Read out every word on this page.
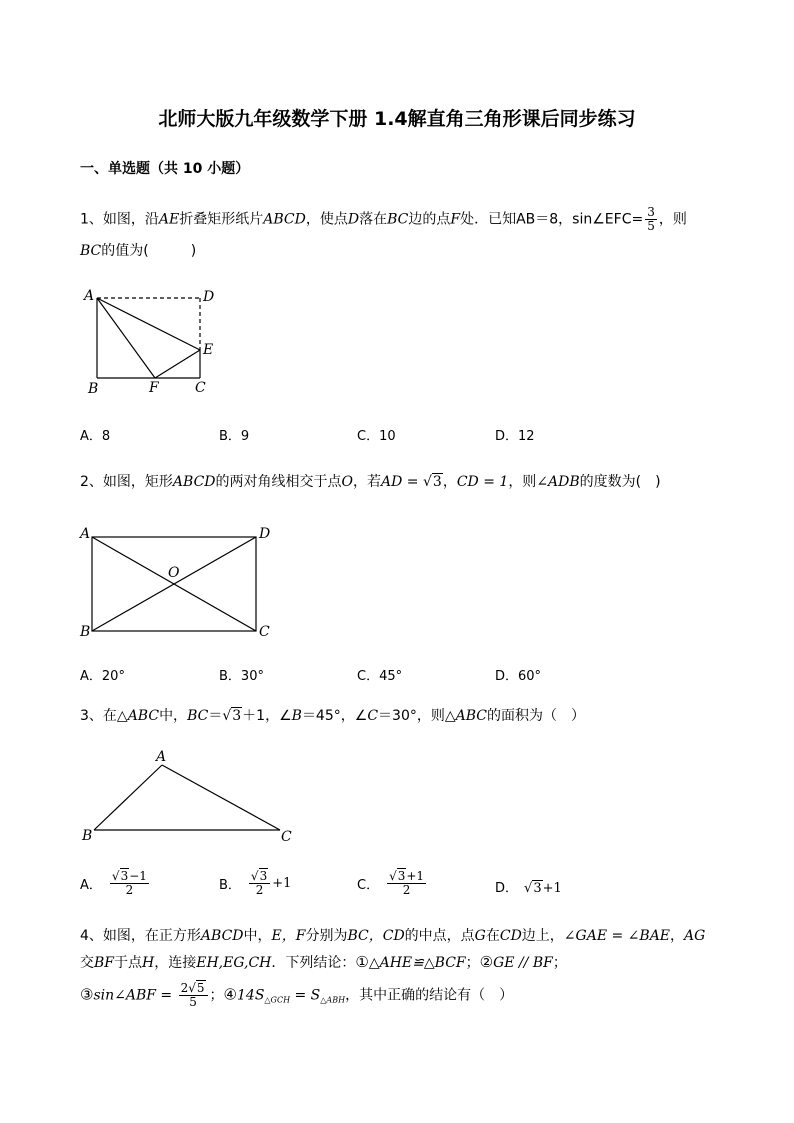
北师大版九年级数学下册 1.4解直角三角形课后同步练习
一、单选题（共 10 小题）
1、如图，沿AE折叠矩形纸片ABCD，使点D落在BC边的点F处．已知AB＝8，sin∠EFC= $\frac{3}{5}$ ，则
BC的值为(　　　)
A	D
E
B	F	C
A．8	B．9	C．10	D．12
2、如图，矩形ABCD的两对角线相交于点O，若AD = √3，CD = 1，则∠ADB的度数为(　)
A	D
O
B	C
A．20°	B．30°	C．45°	D．60°
3、在△ABC中，BC＝√3＋1，∠B＝45°，∠C＝30°，则△ABC的面积为（　）
A
B	C
A． $\frac{√3-1}{2}$	B． $\frac{√3}{2} +1$	C． $\frac{√3+1}{2}$	D． √3+1
4、如图，在正方形ABCD中，E，F分别为BC，CD的中点，点G在CD边上，∠GAE = ∠BAE，AG
交BF于点H，连接EH,EG,CH．下列结论：①△AHE≌△BCF；②GE // BF；
③sin∠ABF = $\frac{2√5}{5}$ ；$④14S_{\triangle GCH} = S_{\triangle ABH}$，其中正确的结论有（　）
